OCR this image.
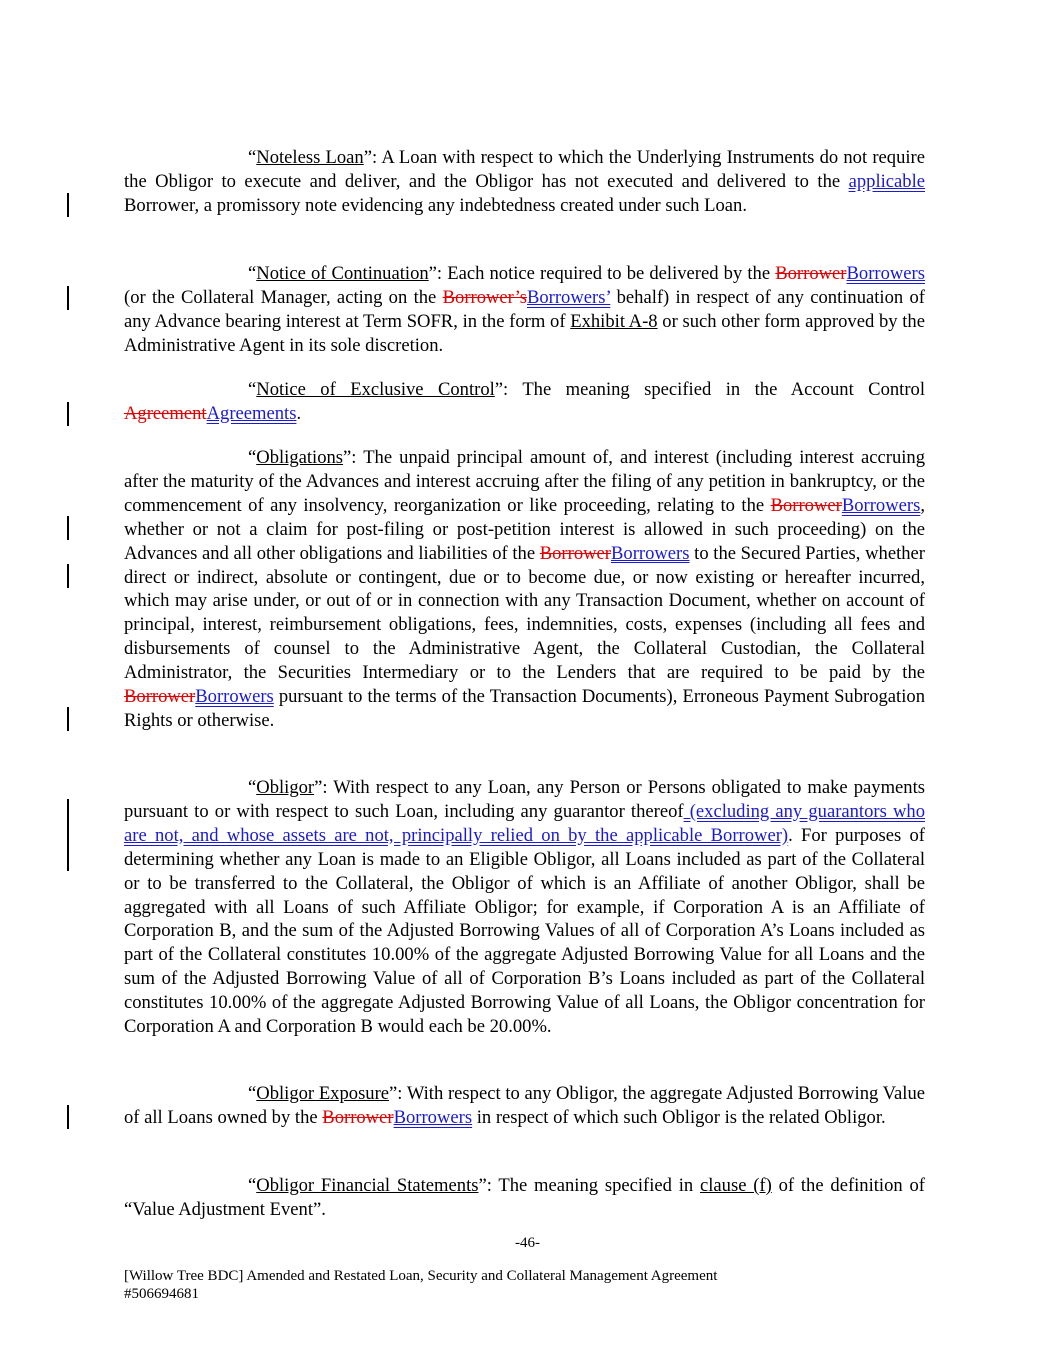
“Noteless Loan”: A Loan with respect to which the Underlying Instruments do not require the Obligor to execute and deliver, and the Obligor has not executed and delivered to the applicable Borrower, a promissory note evidencing any indebtedness created under such Loan.

“Notice of Continuation”: Each notice required to be delivered by the BorrowerBorrowers (or the Collateral Manager, acting on the Borrower’sBorrowers’ behalf) in respect of any continuation of any Advance bearing interest at Term SOFR, in the form of Exhibit A-8 or such other form approved by the Administrative Agent in its sole discretion.

“Notice of Exclusive Control”: The meaning specified in the Account Control AgreementAgreements.

“Obligations”: The unpaid principal amount of, and interest (including interest accruing after the maturity of the Advances and interest accruing after the filing of any petition in bankruptcy, or the commencement of any insolvency, reorganization or like proceeding, relating to the BorrowerBorrowers, whether or not a claim for post-filing or post-petition interest is allowed in such proceeding) on the Advances and all other obligations and liabilities of the BorrowerBorrowers to the Secured Parties, whether direct or indirect, absolute or contingent, due or to become due, or now existing or hereafter incurred, which may arise under, or out of or in connection with any Transaction Document, whether on account of principal, interest, reimbursement obligations, fees, indemnities, costs, expenses (including all fees and disbursements of counsel to the Administrative Agent, the Collateral Custodian, the Collateral Administrator, the Securities Intermediary or to the Lenders that are required to be paid by the BorrowerBorrowers pursuant to the terms of the Transaction Documents), Erroneous Payment Subrogation Rights or otherwise.

“Obligor”: With respect to any Loan, any Person or Persons obligated to make payments pursuant to or with respect to such Loan, including any guarantor thereof (excluding any guarantors who are not, and whose assets are not, principally relied on by the applicable Borrower). For purposes of determining whether any Loan is made to an Eligible Obligor, all Loans included as part of the Collateral or to be transferred to the Collateral, the Obligor of which is an Affiliate of another Obligor, shall be aggregated with all Loans of such Affiliate Obligor; for example, if Corporation A is an Affiliate of Corporation B, and the sum of the Adjusted Borrowing Values of all of Corporation A’s Loans included as part of the Collateral constitutes 10.00% of the aggregate Adjusted Borrowing Value for all Loans and the sum of the Adjusted Borrowing Value of all of Corporation B’s Loans included as part of the Collateral constitutes 10.00% of the aggregate Adjusted Borrowing Value of all Loans, the Obligor concentration for Corporation A and Corporation B would each be 20.00%.

“Obligor Exposure”: With respect to any Obligor, the aggregate Adjusted Borrowing Value of all Loans owned by the BorrowerBorrowers in respect of which such Obligor is the related Obligor.

“Obligor Financial Statements”: The meaning specified in clause (f) of the definition of “Value Adjustment Event”.

-46-
[Willow Tree BDC] Amended and Restated Loan, Security and Collateral Management Agreement
#506694681
